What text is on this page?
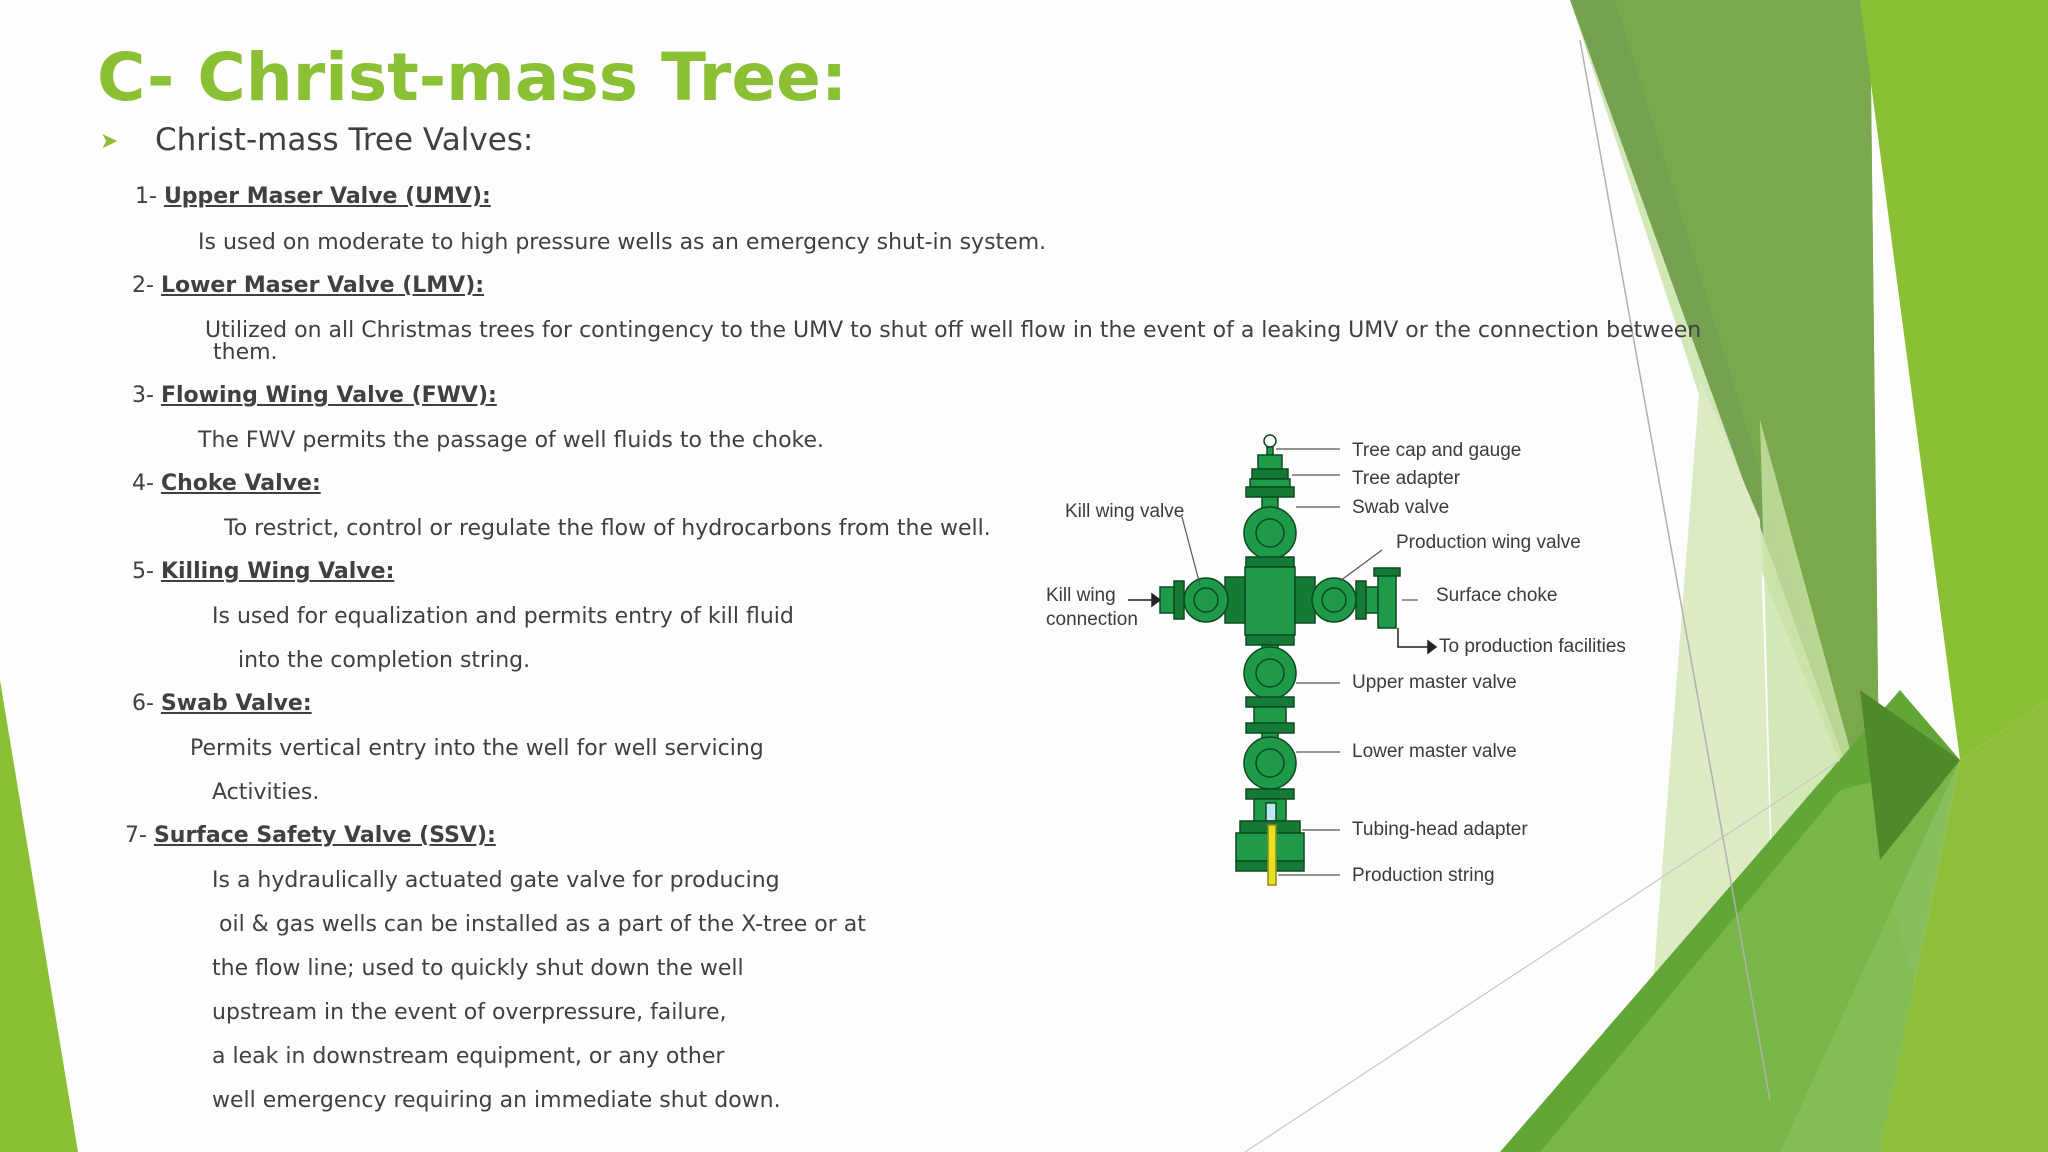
C- Christ-mass Tree:
➤ Christ-mass Tree Valves:
1- Upper Maser Valve (UMV):
Is used on moderate to high pressure wells as an emergency shut-in system.
2- Lower Maser Valve (LMV):
Utilized on all Christmas trees for contingency to the UMV to shut off well flow in the event of a leaking UMV or the connection between
them.
3- Flowing Wing Valve (FWV):
The FWV permits the passage of well fluids to the choke.
4- Choke Valve:
To restrict, control or regulate the flow of hydrocarbons from the well.
5- Killing Wing Valve:
Is used for equalization and permits entry of kill fluid
into the completion string.
6- Swab Valve:
Permits vertical entry into the well for well servicing
Activities.
7- Surface Safety Valve (SSV):
Is a hydraulically actuated gate valve for producing
oil & gas wells can be installed as a part of the X-tree or at
the flow line; used to quickly shut down the well
upstream in the event of overpressure, failure,
a leak in downstream equipment, or any other
well emergency requiring an immediate shut down.
Tree cap and gauge
Tree adapter
Swab valve
Kill wing valve
Production wing valve
Kill wing
connection
Surface choke
To production facilities
Upper master valve
Lower master valve
Tubing-head adapter
Production string
